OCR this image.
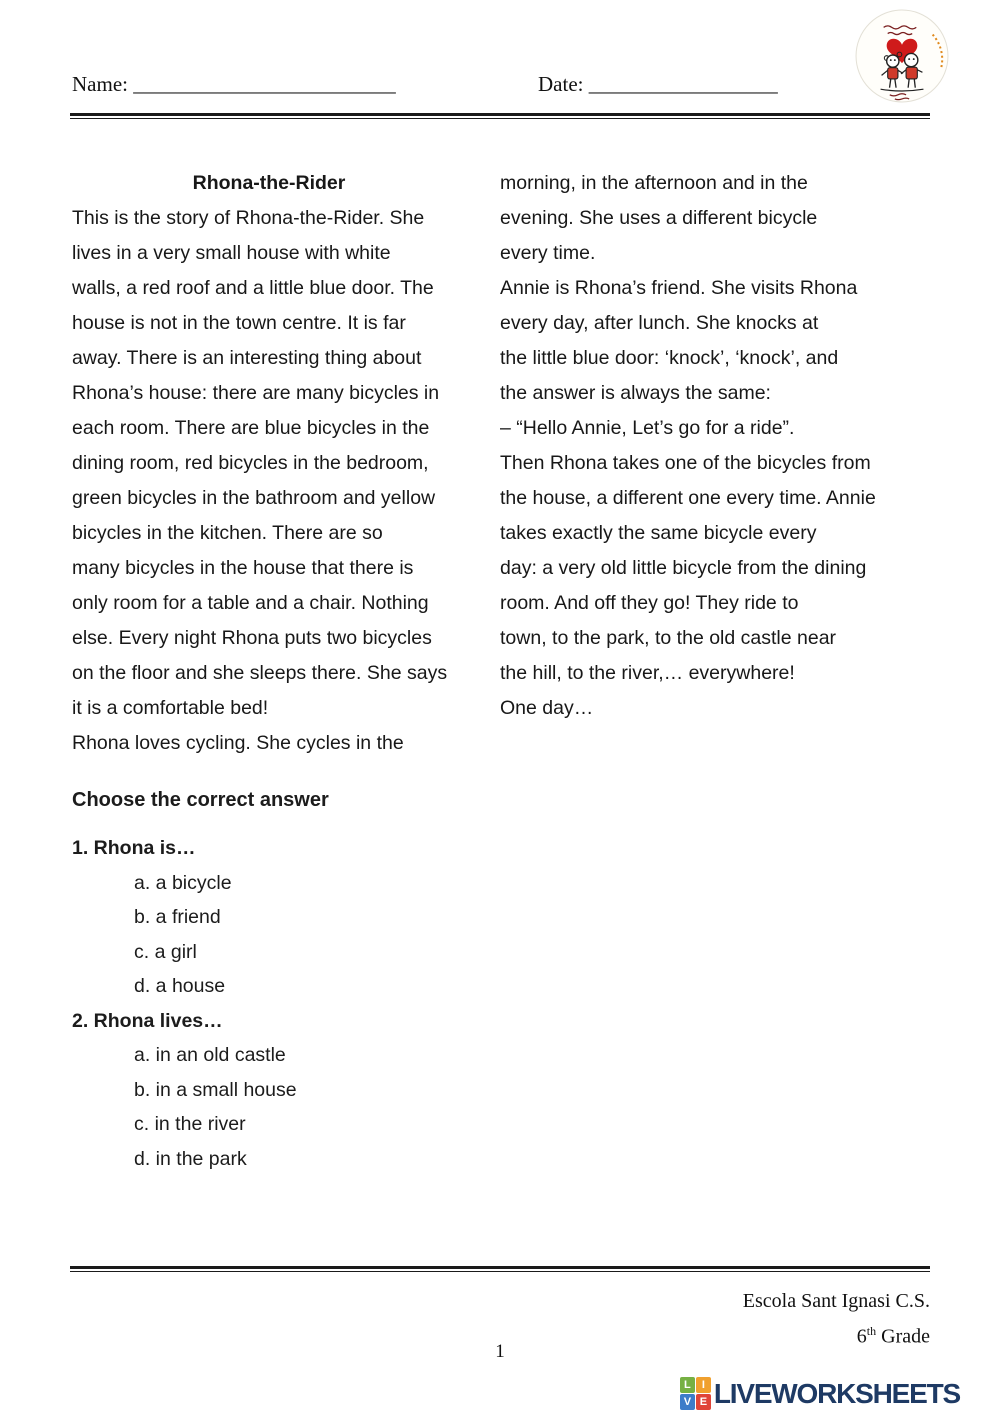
Name: _________________________	Date: __________________
Rhona-the-Rider
This is the story of Rhona-the-Rider. She
lives in a very small house with white
walls, a red roof and a little blue door. The
house is not in the town centre. It is far
away. There is an interesting thing about
Rhona’s house: there are many bicycles in
each room. There are blue bicycles in the
dining room, red bicycles in the bedroom,
green bicycles in the bathroom and yellow
bicycles in the kitchen. There are so
many bicycles in the house that there is
only room for a table and a chair. Nothing
else. Every night Rhona puts two bicycles
on the floor and she sleeps there. She says
it is a comfortable bed!
Rhona loves cycling. She cycles in the
morning, in the afternoon and in the
evening. She uses a different bicycle
every time.
Annie is Rhona’s friend. She visits Rhona
every day, after lunch. She knocks at
the little blue door: ‘knock’, ‘knock’, and
the answer is always the same:
– “Hello Annie, Let’s go for a ride”.
Then Rhona takes one of the bicycles from
the house, a different one every time. Annie
takes exactly the same bicycle every
day: a very old little bicycle from the dining
room. And off they go! They ride to
town, to the park, to the old castle near
the hill, to the river,… everywhere!
One day…
Choose the correct answer
1. Rhona is…
a. a bicycle
b. a friend
c. a girl
d. a house
2. Rhona lives…
a. in an old castle
b. in a small house
c. in the river
d. in the park
Escola Sant Ignasi C.S.
6th Grade
1
L	I
V E LIVEWORKSHEETS
